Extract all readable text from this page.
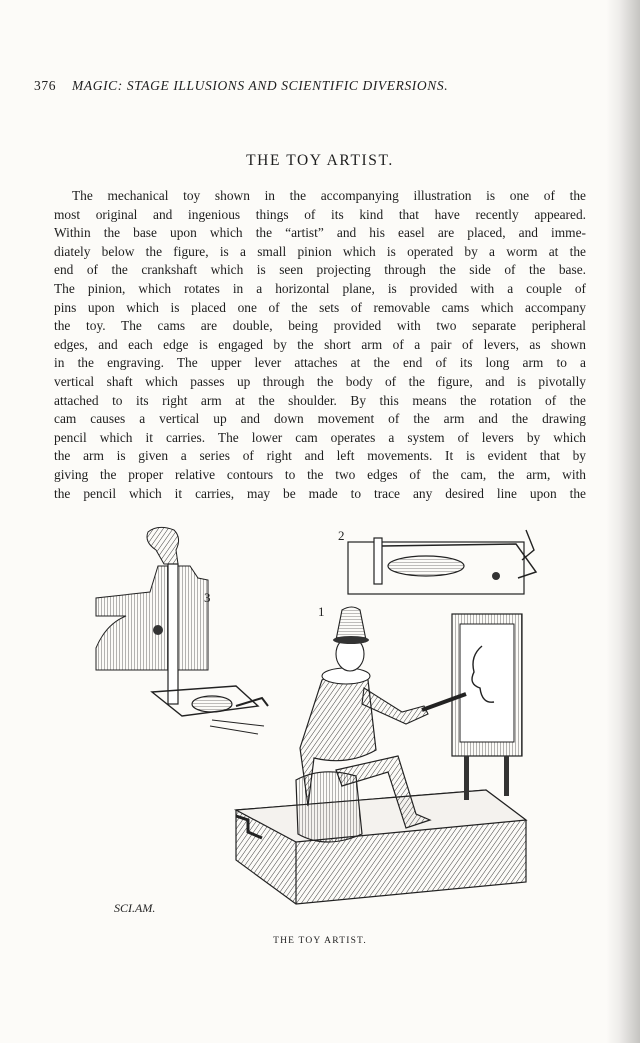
376 MAGIC: STAGE ILLUSIONS AND SCIENTIFIC DIVERSIONS.
THE TOY ARTIST.

The mechanical toy shown in the accompanying illustration is one of the
most original and ingenious things of its kind that have recently appeared.
Within the base upon which the “artist” and his easel are placed, and imme-
diately below the figure, is a small pinion which is operated by a worm at the
end of the crankshaft which is seen projecting through the side of the base.
The pinion, which rotates in a horizontal plane, is provided with a couple of
pins upon which is placed one of the sets of removable cams which accompany
the toy. The cams are double, being provided with two separate peripheral
edges, and each edge is engaged by the short arm of a pair of levers, as shown
in the engraving. The upper lever attaches at the end of its long arm to a
vertical shaft which passes up through the body of the figure, and is pivotally
attached to its right arm at the shoulder. By this means the rotation of the
cam causes a vertical up and down movement of the arm and the drawing
pencil which it carries. The lower cam operates a system of levers by which
the arm is given a series of right and left movements. It is evident that by
giving the proper relative contours to the two edges of the cam, the arm, with
the pencil which it carries, may be made to trace any desired line upon the

3
2
1
SCI.AM.
THE TOY ARTIST.
